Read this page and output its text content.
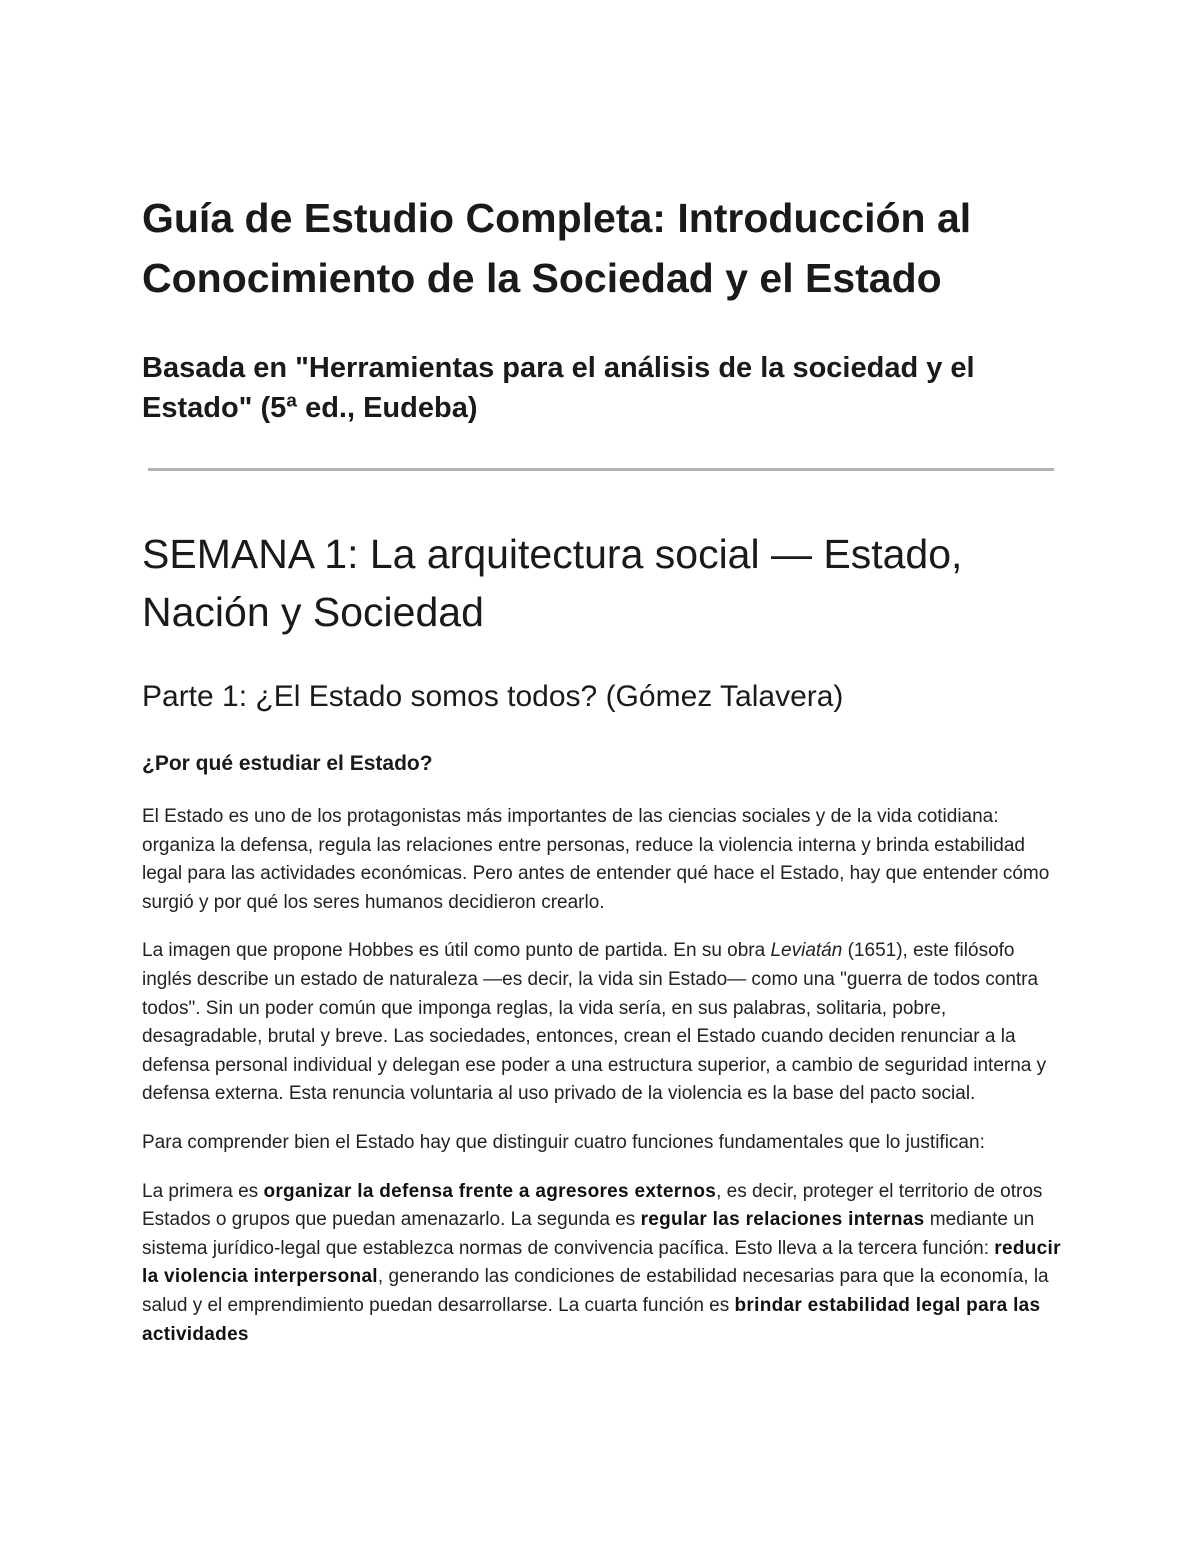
Guía de Estudio Completa: Introducción al Conocimiento de la Sociedad y el Estado
Basada en "Herramientas para el análisis de la sociedad y el Estado" (5ª ed., Eudeba)
SEMANA 1: La arquitectura social — Estado, Nación y Sociedad
Parte 1: ¿El Estado somos todos? (Gómez Talavera)
¿Por qué estudiar el Estado?

El Estado es uno de los protagonistas más importantes de las ciencias sociales y de la vida cotidiana: organiza la defensa, regula las relaciones entre personas, reduce la violencia interna y brinda estabilidad legal para las actividades económicas. Pero antes de entender qué hace el Estado, hay que entender cómo surgió y por qué los seres humanos decidieron crearlo.

La imagen que propone Hobbes es útil como punto de partida. En su obra Leviatán (1651), este filósofo inglés describe un estado de naturaleza —es decir, la vida sin Estado— como una "guerra de todos contra todos". Sin un poder común que imponga reglas, la vida sería, en sus palabras, solitaria, pobre, desagradable, brutal y breve. Las sociedades, entonces, crean el Estado cuando deciden renunciar a la defensa personal individual y delegan ese poder a una estructura superior, a cambio de seguridad interna y defensa externa. Esta renuncia voluntaria al uso privado de la violencia es la base del pacto social.

Para comprender bien el Estado hay que distinguir cuatro funciones fundamentales que lo justifican:

La primera es organizar la defensa frente a agresores externos, es decir, proteger el territorio de otros Estados o grupos que puedan amenazarlo. La segunda es regular las relaciones internas mediante un sistema jurídico-legal que establezca normas de convivencia pacífica. Esto lleva a la tercera función: reducir la violencia interpersonal, generando las condiciones de estabilidad necesarias para que la economía, la salud y el emprendimiento puedan desarrollarse. La cuarta función es brindar estabilidad legal para las actividades
